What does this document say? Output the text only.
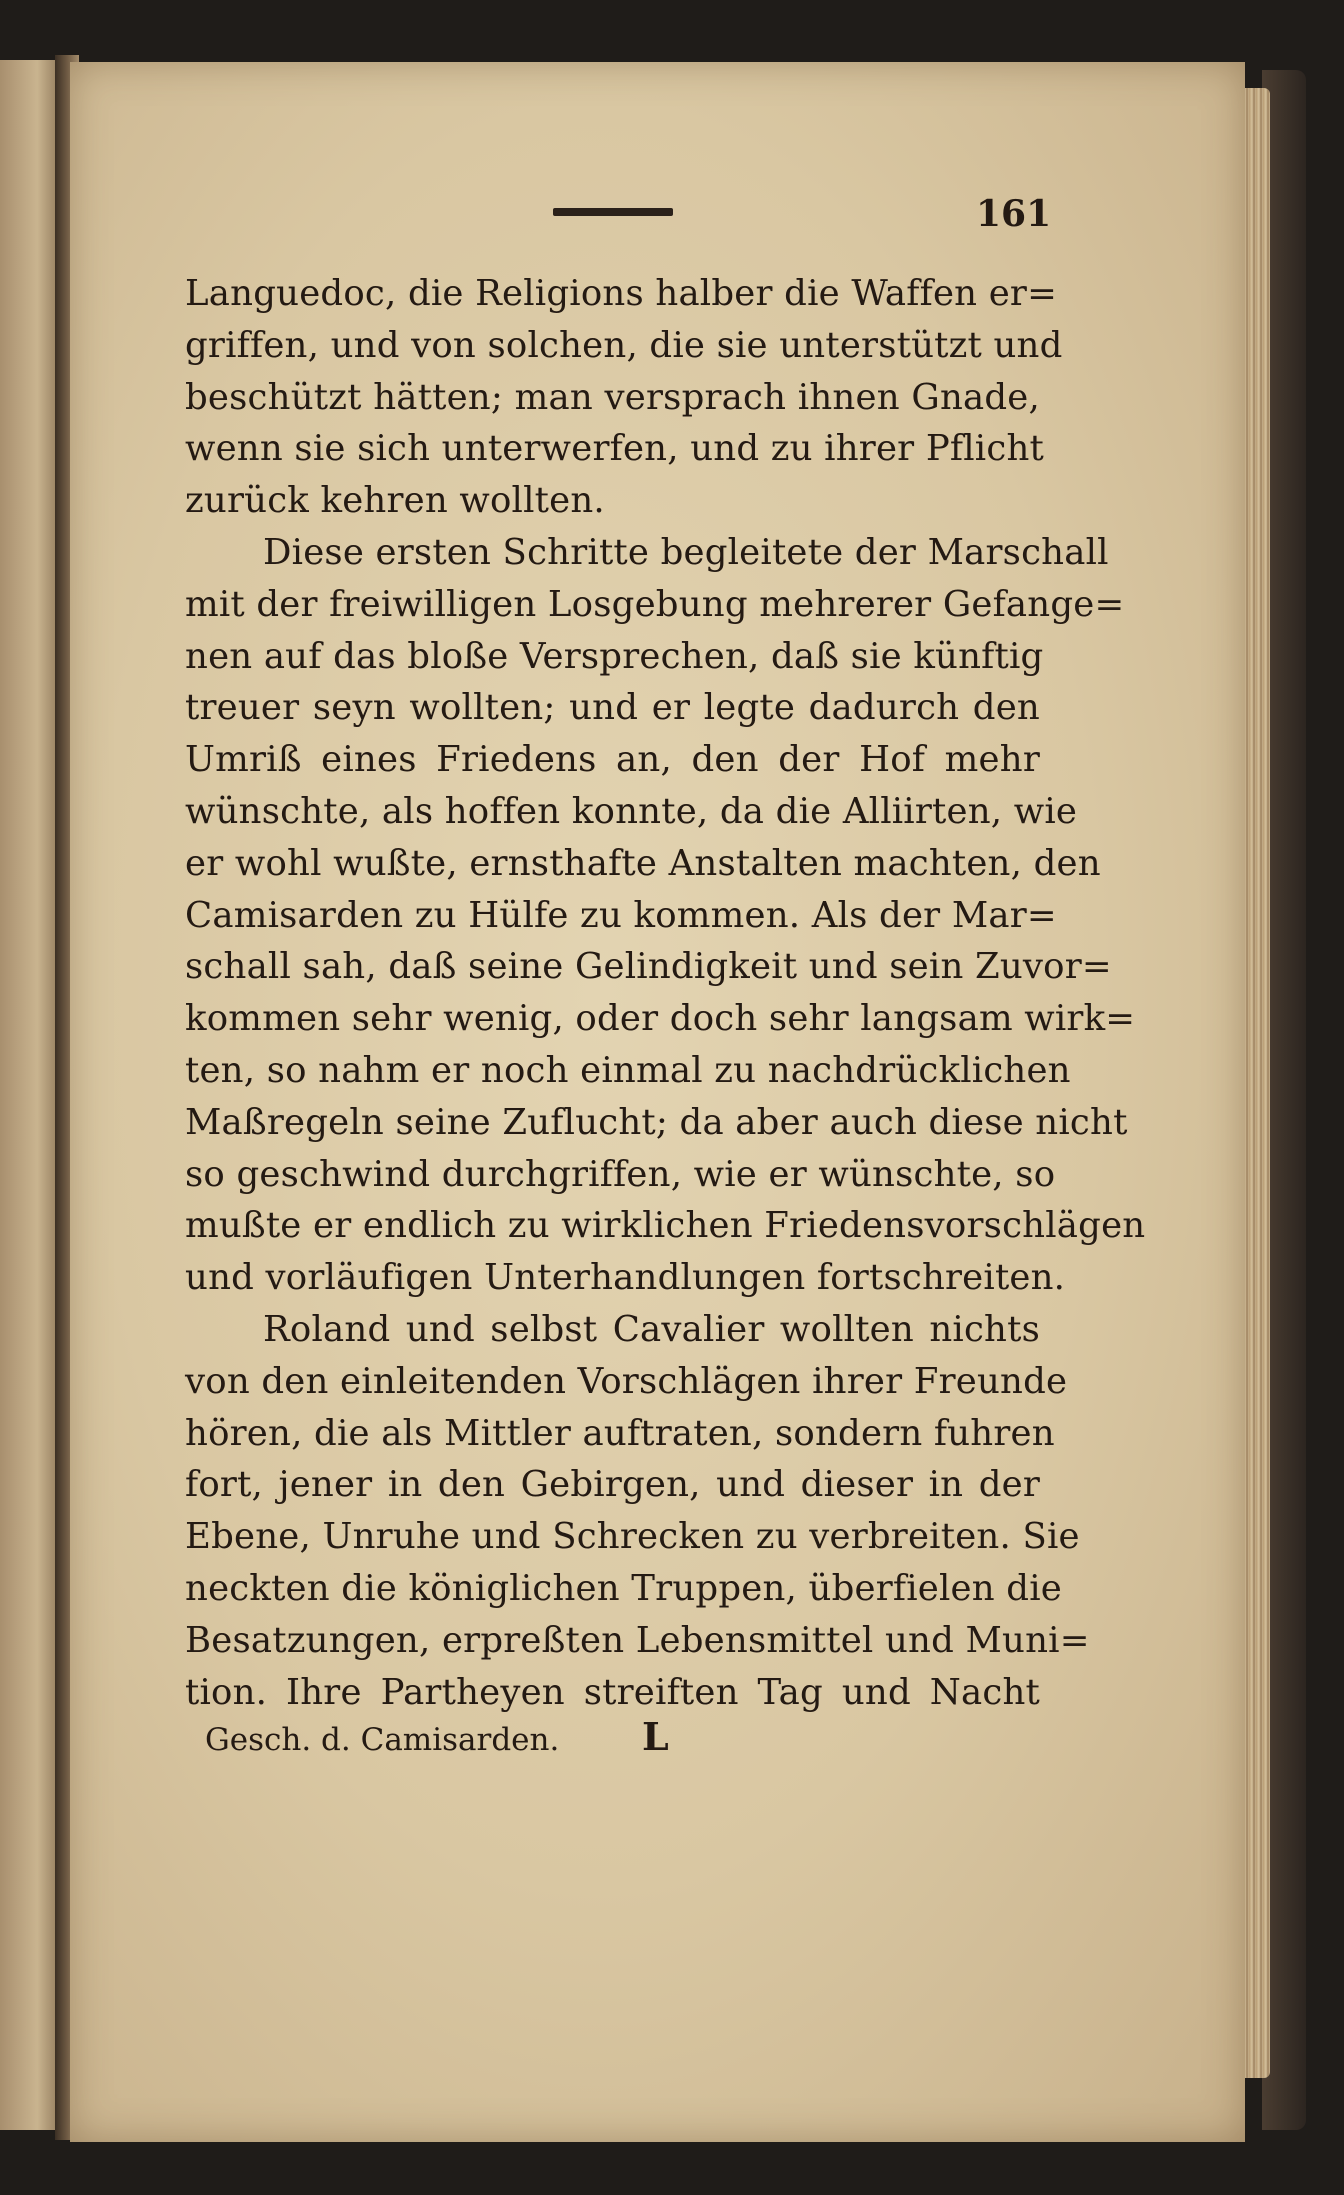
161
Languedoc, die Religions halber die Waffen er=
griffen, und von solchen, die sie unterstützt und
beschützt hätten; man versprach ihnen Gnade,
wenn sie sich unterwerfen, und zu ihrer Pflicht
zurück kehren wollten.
Diese ersten Schritte begleitete der Marschall
mit der freiwilligen Losgebung mehrerer Gefange=
nen auf das bloße Versprechen, daß sie künftig
treuer seyn wollten; und er legte dadurch den
Umriß eines Friedens an, den der Hof mehr
wünschte, als hoffen konnte, da die Alliirten, wie
er wohl wußte, ernsthafte Anstalten machten, den
Camisarden zu Hülfe zu kommen. Als der Mar=
schall sah, daß seine Gelindigkeit und sein Zuvor=
kommen sehr wenig, oder doch sehr langsam wirk=
ten, so nahm er noch einmal zu nachdrücklichen
Maßregeln seine Zuflucht; da aber auch diese nicht
so geschwind durchgriffen, wie er wünschte, so
mußte er endlich zu wirklichen Friedensvorschlägen
und vorläufigen Unterhandlungen fortschreiten.
Roland und selbst Cavalier wollten nichts
von den einleitenden Vorschlägen ihrer Freunde
hören, die als Mittler auftraten, sondern fuhren
fort, jener in den Gebirgen, und dieser in der
Ebene, Unruhe und Schrecken zu verbreiten. Sie
neckten die königlichen Truppen, überfielen die
Besatzungen, erpreßten Lebensmittel und Muni=
tion. Ihre Partheyen streiften Tag und Nacht
Gesch. d. Camisarden. L
